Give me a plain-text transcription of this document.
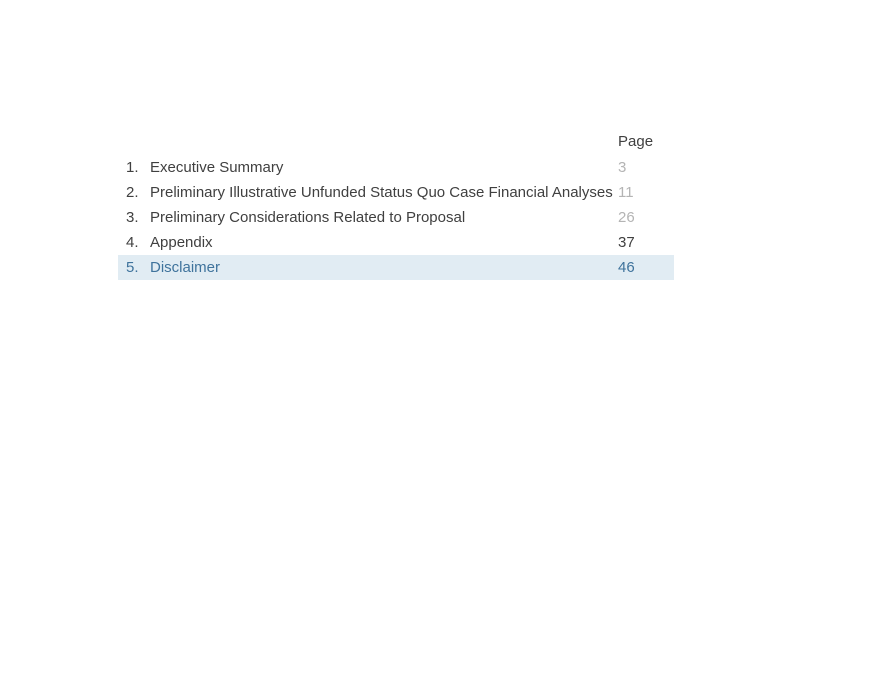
Page
1. Executive Summary	3
2. Preliminary Illustrative Unfunded Status Quo Case Financial Analyses 11
3. Preliminary Considerations Related to Proposal	26
4. Appendix	37
5. Disclaimer	46
